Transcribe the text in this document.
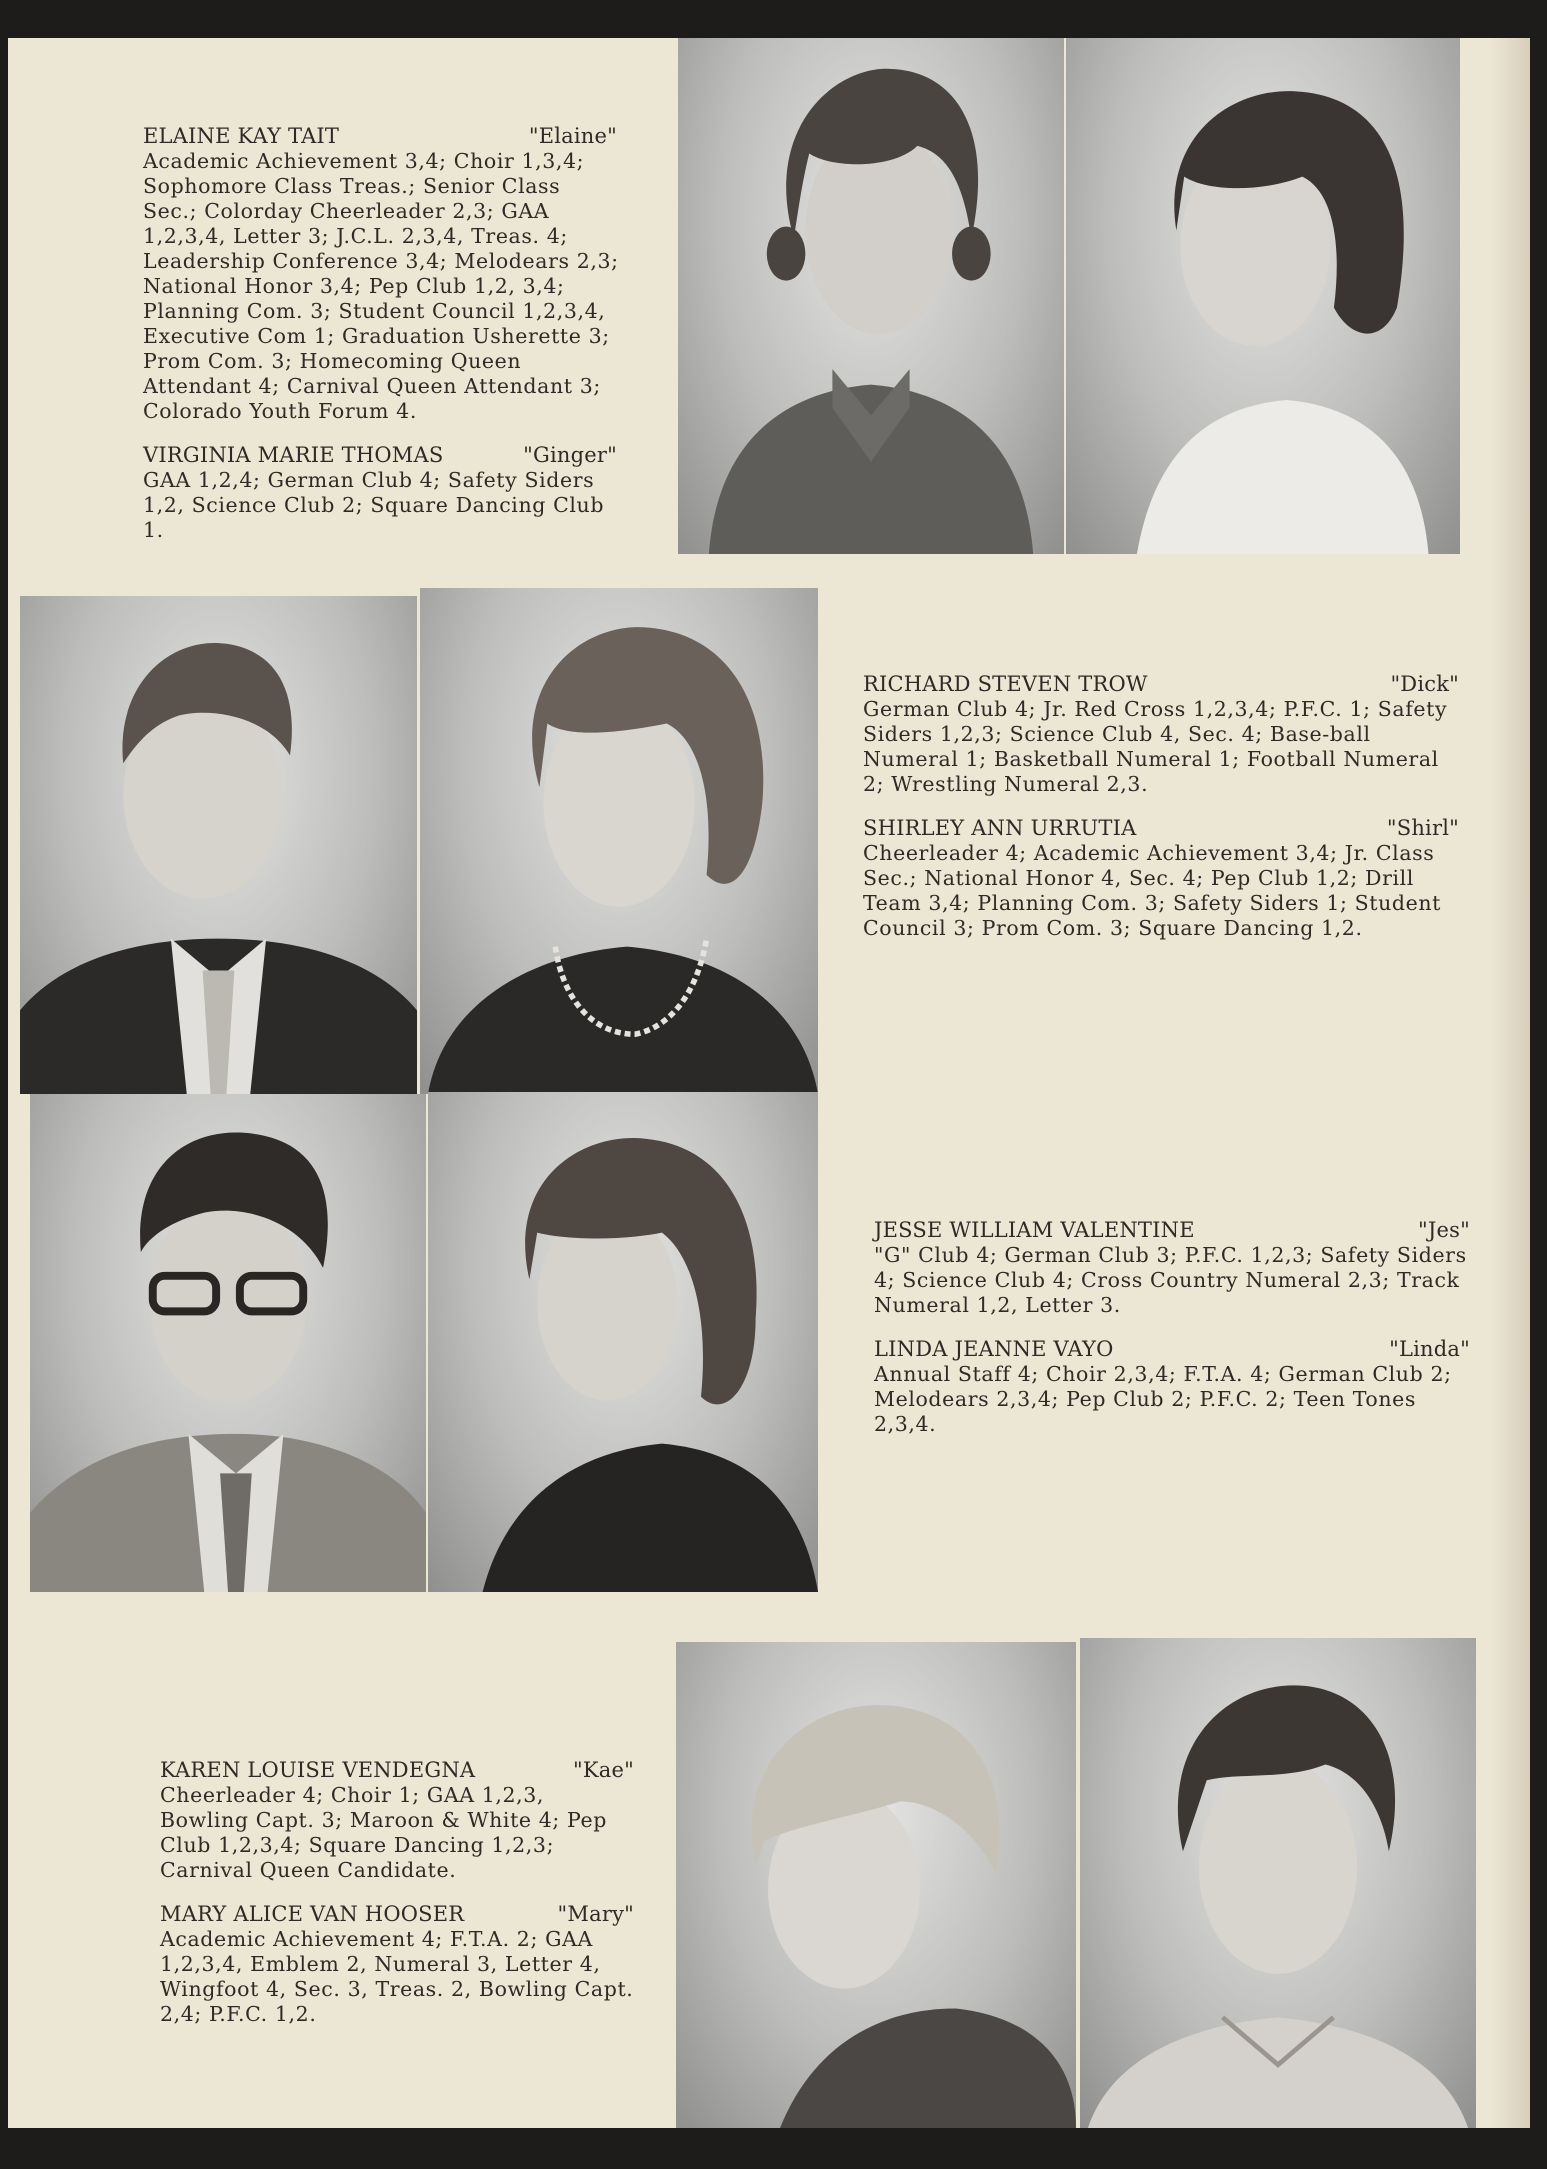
ELAINE KAY TAIT	"Elaine"
Academic Achievement 3,4; Choir 1,3,4; Sophomore Class Treas.; Senior Class Sec.; Colorday Cheerleader 2,3; GAA 1,2,3,4, Letter 3; J.C.L. 2,3,4, Treas. 4; Leadership Conference 3,4; Melodears 2,3; National Honor 3,4; Pep Club 1,2, 3,4; Planning Com. 3; Student Council 1,2,3,4, Executive Com 1; Graduation Usherette 3; Prom Com. 3; Homecoming Queen Attendant 4; Carnival Queen Attendant 3; Colorado Youth Forum 4.
VIRGINIA MARIE THOMAS	"Ginger"
GAA 1,2,4; German Club 4; Safety Siders 1,2, Science Club 2; Square Dancing Club 1.
RICHARD STEVEN TROW	"Dick"
German Club 4; Jr. Red Cross 1,2,3,4; P.F.C. 1; Safety Siders 1,2,3; Science Club 4, Sec. 4; Base-ball Numeral 1; Basketball Numeral 1; Football Numeral 2; Wrestling Numeral 2,3.
SHIRLEY ANN URRUTIA	"Shirl"
Cheerleader 4; Academic Achievement 3,4; Jr. Class Sec.; National Honor 4, Sec. 4; Pep Club 1,2; Drill Team 3,4; Planning Com. 3; Safety Siders 1; Student Council 3; Prom Com. 3; Square Dancing 1,2.
JESSE WILLIAM VALENTINE	"Jes"
"G" Club 4; German Club 3; P.F.C. 1,2,3; Safety Siders 4; Science Club 4; Cross Country Numeral 2,3; Track Numeral 1,2, Letter 3.
LINDA JEANNE VAYO	"Linda"
Annual Staff 4; Choir 2,3,4; F.T.A. 4; German Club 2; Melodears 2,3,4; Pep Club 2; P.F.C. 2; Teen Tones 2,3,4.
KAREN LOUISE VENDEGNA	"Kae"
Cheerleader 4; Choir 1; GAA 1,2,3, Bowling Capt. 3; Maroon & White 4; Pep Club 1,2,3,4; Square Dancing 1,2,3; Carnival Queen Candidate.
MARY ALICE VAN HOOSER	"Mary"
Academic Achievement 4; F.T.A. 2; GAA 1,2,3,4, Emblem 2, Numeral 3, Letter 4, Wingfoot 4, Sec. 3, Treas. 2, Bowling Capt. 2,4; P.F.C. 1,2.
